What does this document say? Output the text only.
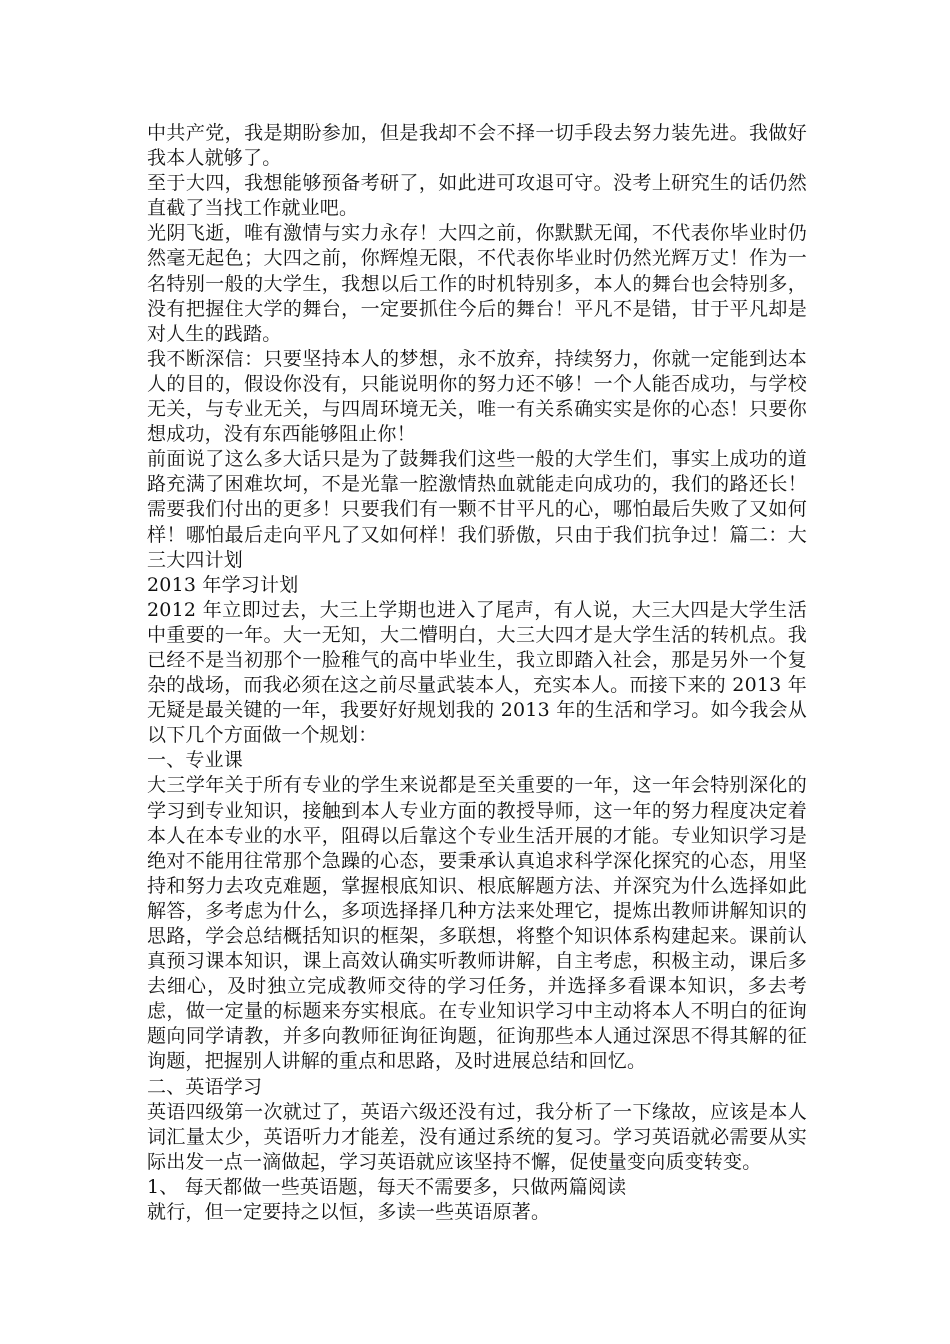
中共产党，我是期盼参加，但是我却不会不择一切手段去努力装先进。我做好我本人就够了。

至于大四，我想能够预备考研了，如此进可攻退可守。没考上研究生的话仍然直截了当找工作就业吧。

光阴飞逝，唯有激情与实力永存！大四之前，你默默无闻，不代表你毕业时仍然毫无起色；大四之前，你辉煌无限，不代表你毕业时仍然光辉万丈！作为一名特别一般的大学生，我想以后工作的时机特别多，本人的舞台也会特别多，没有把握住大学的舞台，一定要抓住今后的舞台！平凡不是错，甘于平凡却是对人生的践踏。

我不断深信：只要坚持本人的梦想，永不放弃，持续努力，你就一定能到达本人的目的，假设你没有，只能说明你的努力还不够！一个人能否成功，与学校无关，与专业无关，与四周环境无关，唯一有关系确实实是你的心态！只要你想成功，没有东西能够阻止你！

前面说了这么多大话只是为了鼓舞我们这些一般的大学生们，事实上成功的道路充满了困难坎坷，不是光靠一腔激情热血就能走向成功的，我们的路还长！需要我们付出的更多！只要我们有一颗不甘平凡的心，哪怕最后失败了又如何样！哪怕最后走向平凡了又如何样！我们骄傲，只由于我们抗争过！篇二：大三大四计划

2013 年学习计划

2012 年立即过去，大三上学期也进入了尾声，有人说，大三大四是大学生活中重要的一年。大一无知，大二懵明白，大三大四才是大学生活的转机点。我已经不是当初那个一脸稚气的高中毕业生，我立即踏入社会，那是另外一个复杂的战场，而我必须在这之前尽量武装本人，充实本人。而接下来的 2013 年无疑是最关键的一年，我要好好规划我的 2013 年的生活和学习。如今我会从以下几个方面做一个规划：

一、专业课

大三学年关于所有专业的学生来说都是至关重要的一年，这一年会特别深化的学习到专业知识，接触到本人专业方面的教授导师，这一年的努力程度决定着本人在本专业的水平，阻碍以后靠这个专业生活开展的才能。专业知识学习是绝对不能用往常那个急躁的心态，要秉承认真追求科学深化探究的心态，用坚持和努力去攻克难题，掌握根底知识、根底解题方法、并深究为什么选择如此解答，多考虑为什么，多项选择择几种方法来处理它，提炼出教师讲解知识的思路，学会总结概括知识的框架，多联想，将整个知识体系构建起来。课前认真预习课本知识，课上高效认确实听教师讲解，自主考虑，积极主动，课后多去细心，及时独立完成教师交待的学习任务，并选择多看课本知识，多去考虑，做一定量的标题来夯实根底。在专业知识学习中主动将本人不明白的征询题向同学请教，并多向教师征询征询题，征询那些本人通过深思不得其解的征询题，把握别人讲解的重点和思路，及时进展总结和回忆。

二、英语学习

英语四级第一次就过了，英语六级还没有过，我分析了一下缘故，应该是本人词汇量太少，英语听力才能差，没有通过系统的复习。学习英语就必需要从实际出发一点一滴做起，学习英语就应该坚持不懈，促使量变向质变转变。

1、 每天都做一些英语题，每天不需要多，只做两篇阅读

就行，但一定要持之以恒，多读一些英语原著。
